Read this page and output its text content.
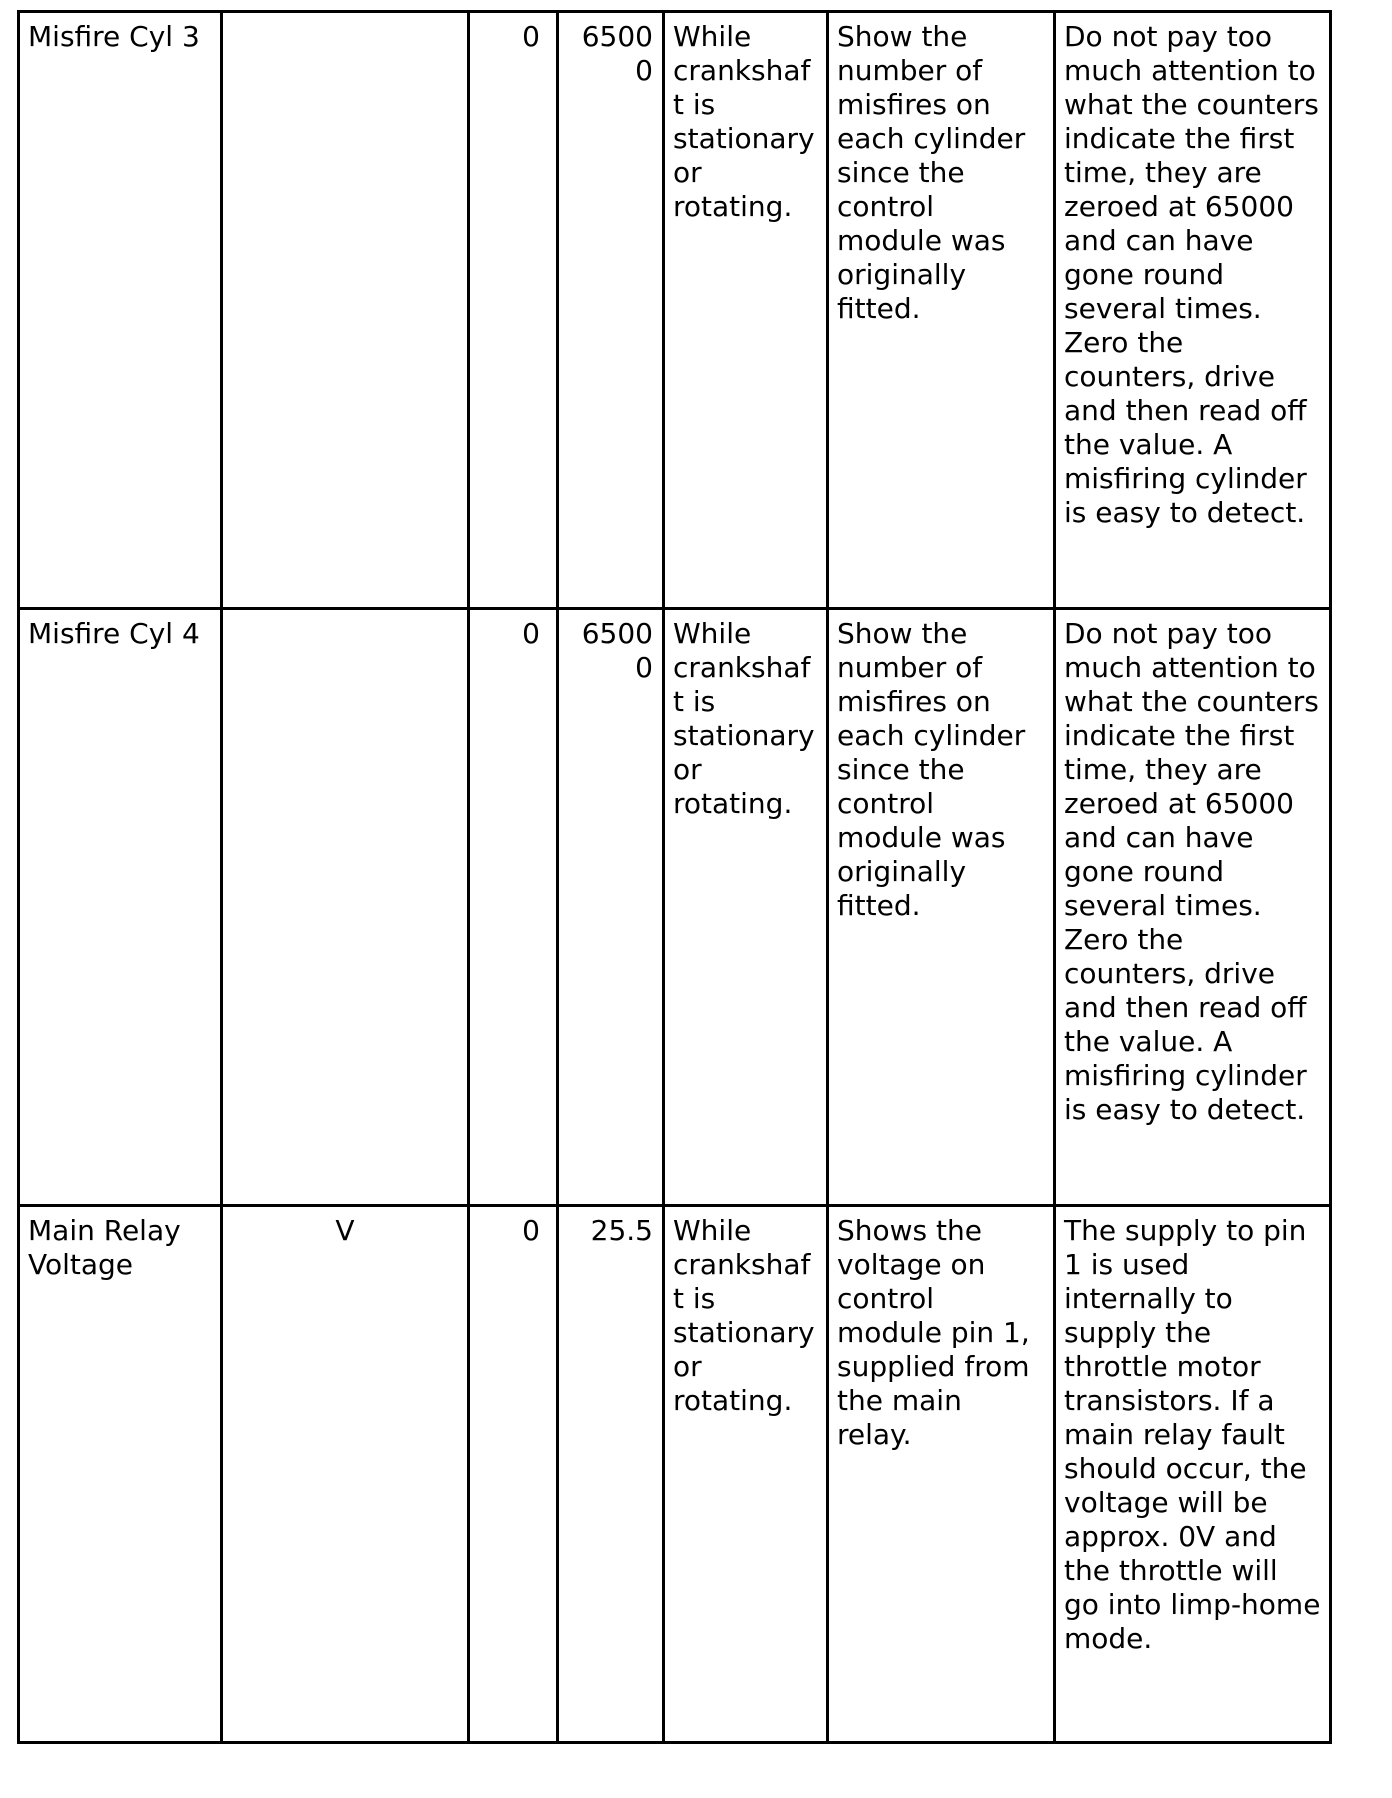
Misfire Cyl 3		0	65000	While crankshaft is stationary or rotating.	Show the number of misfires on each cylinder since the control module was originally fitted.	Do not pay too much attention to what the counters indicate the first time, they are zeroed at 65000 and can have gone round several times. Zero the counters, drive and then read off the value. A misfiring cylinder is easy to detect.
Misfire Cyl 4		0	65000	While crankshaft is stationary or rotating.	Show the number of misfires on each cylinder since the control module was originally fitted.	Do not pay too much attention to what the counters indicate the first time, they are zeroed at 65000 and can have gone round several times. Zero the counters, drive and then read off the value. A misfiring cylinder is easy to detect.
Main Relay Voltage	V	0	25.5	While crankshaft is stationary or rotating.	Shows the voltage on control module pin 1, supplied from the main relay.	The supply to pin 1 is used internally to supply the throttle motor transistors. If a main relay fault should occur, the voltage will be approx. 0V and the throttle will go into limp-home mode.
